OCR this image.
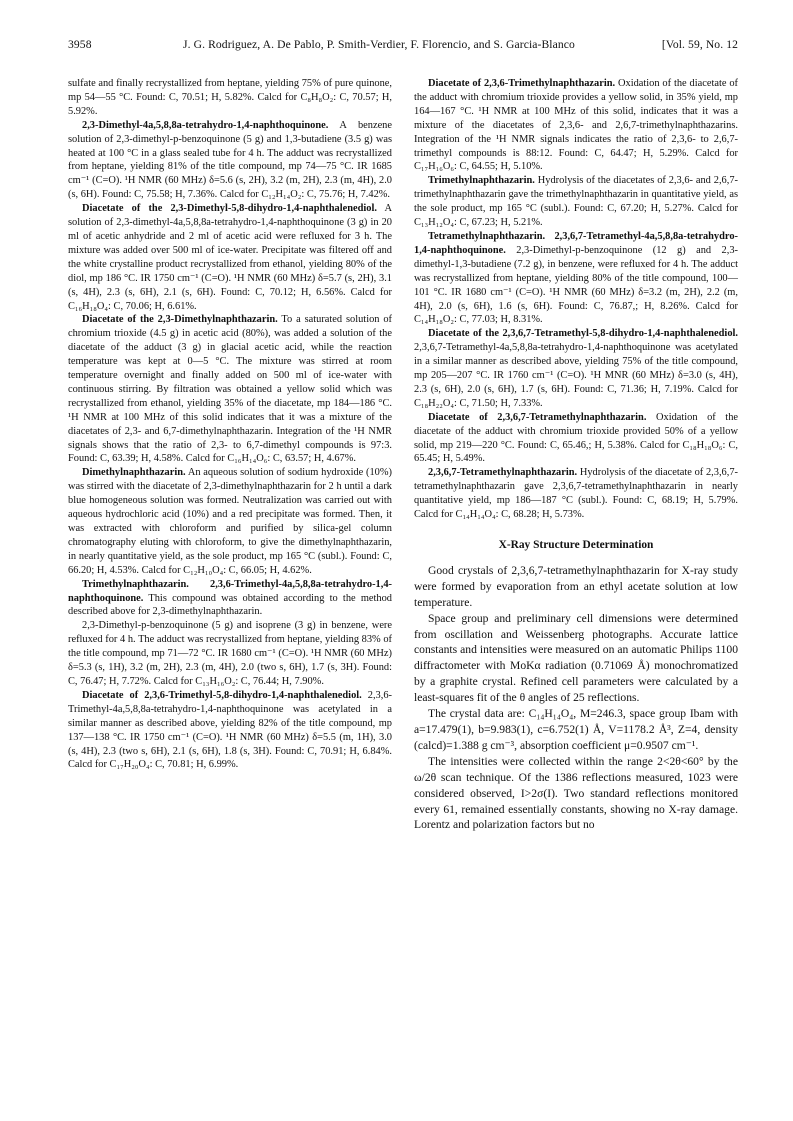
3958	J. G. Rodriguez, A. De Pablo, P. Smith-Verdier, F. Florencio, and S. Garcia-Blanco	[Vol. 59, No. 12

sulfate and finally recrystallized from heptane, yielding 75% of pure quinone, mp 54—55 °C. Found: C, 70.51; H, 5.82%. Calcd for C₈H₈O₂: C, 70.57; H, 5.92%.

2,3-Dimethyl-4a,5,8,8a-tetrahydro-1,4-naphthoquinone. A benzene solution of 2,3-dimethyl-p-benzoquinone (5 g) and 1,3-butadiene (3.5 g) was heated at 100 °C in a glass sealed tube for 4 h. The adduct was recrystallized from heptane, yielding 81% of the title compound, mp 74—75 °C. IR 1685 cm⁻¹ (C=O). ¹H NMR (60 MHz) δ=5.6 (s, 2H), 3.2 (m, 2H), 2.3 (m, 4H), 2.0 (s, 6H). Found: C, 75.58; H, 7.36%. Calcd for C₁₂H₁₄O₂: C, 75.76; H, 7.42%.

Diacetate of the 2,3-Dimethyl-5,8-dihydro-1,4-naphthalenediol. A solution of 2,3-dimethyl-4a,5,8,8a-tetrahydro-1,4-naphthoquinone (3 g) in 20 ml of acetic anhydride and 2 ml of acetic acid were refluxed for 3 h. The mixture was added over 500 ml of ice-water. Precipitate was filtered off and the white crystalline product recrystallized from ethanol, yielding 80% of the diol, mp 186 °C. IR 1750 cm⁻¹ (C=O). ¹H NMR (60 MHz) δ=5.7 (s, 2H), 3.1 (s, 4H), 2.3 (s, 6H), 2.1 (s, 6H). Found: C, 70.12; H, 6.56%. Calcd for C₁₆H₁₈O₄: C, 70.06; H, 6.61%.

Diacetate of the 2,3-Dimethylnaphthazarin. To a saturated solution of chromium trioxide (4.5 g) in acetic acid (80%), was added a solution of the diacetate of the adduct (3 g) in glacial acetic acid, while the reaction temperature was kept at 0—5 °C. The mixture was stirred at room temperature overnight and finally added on 500 ml of ice-water with continuous stirring. By filtration was obtained a yellow solid which was recrystallized from ethanol, yielding 35% of the diacetate, mp 184—186 °C. ¹H NMR at 100 MHz of this solid indicates that it was a mixture of the diacetates of 2,3- and 6,7-dimethylnaphthazarin. Integration of the ¹H NMR signals shows that the ratio of 2,3- to 6,7-dimethyl compounds is 97:3. Found: C, 63.39; H, 4.58%. Calcd for C₁₆H₁₄O₆: C, 63.57; H, 4.67%.

Dimethylnaphthazarin. An aqueous solution of sodium hydroxide (10%) was stirred with the diacetate of 2,3-dimethylnaphthazarin for 2 h until a dark blue homogeneous solution was formed. Neutralization was carried out with aqueous hydrochloric acid (10%) and a red precipitate was formed. Then, it was extracted with chloroform and purified by silica-gel column chromatography eluting with chloroform, to give the dimethylnaphthazarin, in nearly quantitative yield, as the sole product, mp 165 °C (subl.). Found: C, 66.20; H, 4.53%. Calcd for C₁₂H₁₀O₄: C, 66.05; H, 4.62%.

Trimethylnaphthazarin. 2,3,6-Trimethyl-4a,5,8,8a-tetrahydro-1,4-naphthoquinone. This compound was obtained according to the method described above for 2,3-dimethylnaphthazarin.

2,3-Dimethyl-p-benzoquinone (5 g) and isoprene (3 g) in benzene, were refluxed for 4 h. The adduct was recrystallized from heptane, yielding 83% of the title compound, mp 71—72 °C. IR 1680 cm⁻¹ (C=O). ¹H NMR (60 MHz) δ=5.3 (s, 1H), 3.2 (m, 2H), 2.3 (m, 4H), 2.0 (two s, 6H), 1.7 (s, 3H). Found: C, 76.47; H, 7.72%. Calcd for C₁₃H₁₆O₂: C, 76.44; H, 7.90%.

Diacetate of 2,3,6-Trimethyl-5,8-dihydro-1,4-naphthalenediol. 2,3,6-Trimethyl-4a,5,8,8a-tetrahydro-1,4-naphthoquinone was acetylated in a similar manner as described above, yielding 82% of the title compound, mp 137—138 °C. IR 1750 cm⁻¹ (C=O). ¹H NMR (60 MHz) δ=5.5 (m, 1H), 3.0 (s, 4H), 2.3 (two s, 6H), 2.1 (s, 6H), 1.8 (s, 3H). Found: C, 70.91; H, 6.84%. Calcd for C₁₇H₂₀O₄: C, 70.81; H, 6.99%.

Diacetate of 2,3,6-Trimethylnaphthazarin. Oxidation of the diacetate of the adduct with chromium trioxide provides a yellow solid, in 35% yield, mp 164—167 °C. ¹H NMR at 100 MHz of this solid, indicates that it was a mixture of the diacetates of 2,3,6- and 2,6,7-trimethylnaphthazarins. Integration of the ¹H NMR signals indicates the ratio of 2,3,6- to 2,6,7-trimethyl compounds is 88:12. Found: C, 64.47; H, 5.29%. Calcd for C₁₇H₁₆O₆: C, 64.55; H, 5.10%.

Trimethylnaphthazarin. Hydrolysis of the diacetates of 2,3,6- and 2,6,7-trimethylnaphthazarin gave the trimethylnaphthazarin in quantitative yield, as the sole product, mp 165 °C (subl.). Found: C, 67.20; H, 5.27%. Calcd for C₁₃H₁₂O₄: C, 67.23; H, 5.21%.

Tetramethylnaphthazarin. 2,3,6,7-Tetramethyl-4a,5,8,8a-tetrahydro-1,4-naphthoquinone. 2,3-Dimethyl-p-benzoquinone (12 g) and 2,3-dimethyl-1,3-butadiene (7.2 g), in benzene, were refluxed for 4 h. The adduct was recrystallized from heptane, yielding 80% of the title compound, 100—101 °C. IR 1680 cm⁻¹ (C=O). ¹H NMR (60 MHz) δ=3.2 (m, 2H), 2.2 (m, 4H), 2.0 (s, 6H), 1.6 (s, 6H). Found: C, 76.87,; H, 8.26%. Calcd for C₁₄H₁₈O₂: C, 77.03; H, 8.31%.

Diacetate of the 2,3,6,7-Tetramethyl-5,8-dihydro-1,4-naphthalenediol. 2,3,6,7-Tetramethyl-4a,5,8,8a-tetrahydro-1,4-naphthoquinone was acetylated in a similar manner as described above, yielding 75% of the title compound, mp 205—207 °C. IR 1760 cm⁻¹ (C=O). ¹H MNR (60 MHz) δ=3.0 (s, 4H), 2.3 (s, 6H), 2.0 (s, 6H), 1.7 (s, 6H). Found: C, 71.36; H, 7.19%. Calcd for C₁₈H₂₂O₄: C, 71.50; H, 7.33%.

Diacetate of 2,3,6,7-Tetramethylnaphthazarin. Oxidation of the diacetate of the adduct with chromium trioxide provided 50% of a yellow solid, mp 219—220 °C. Found: C, 65.46,; H, 5.38%. Calcd for C₁₈H₁₈O₆: C, 65.45; H, 5.49%.

2,3,6,7-Tetramethylnaphthazarin. Hydrolysis of the diacetate of 2,3,6,7-tetramethylnaphthazarin gave 2,3,6,7-tetramethylnaphthazarin in nearly quantitative yield, mp 186—187 °C (subl.). Found: C, 68.19; H, 5.79%. Calcd for C₁₄H₁₄O₄: C, 68.28; H, 5.73%.

X-Ray Structure Determination

Good crystals of 2,3,6,7-tetramethylnaphthazarin for X-ray study were formed by evaporation from an ethyl acetate solution at low temperature.

Space group and preliminary cell dimensions were determined from oscillation and Weissenberg photographs. Accurate lattice constants and intensities were measured on an automatic Philips 1100 diffractometer with MoKα radiation (0.71069 Å) monochromatized by a graphite crystal. Refined cell parameters were calculated by a least-squares fit of the θ angles of 25 reflections.

The crystal data are: C₁₄H₁₄O₄, M=246.3, space group Ibam with a=17.479(1), b=9.983(1), c=6.752(1) Å, V=1178.2 Å³, Z=4, density (calcd)=1.388 g cm⁻³, absorption coefficient μ=0.9507 cm⁻¹.

The intensities were collected within the range 2<2θ<60° by the ω/2θ scan technique. Of the 1386 reflections measured, 1023 were considered observed, I>2σ(I). Two standard reflections monitored every 61, remained essentially constants, showing no X-ray damage. Lorentz and polarization factors but no
